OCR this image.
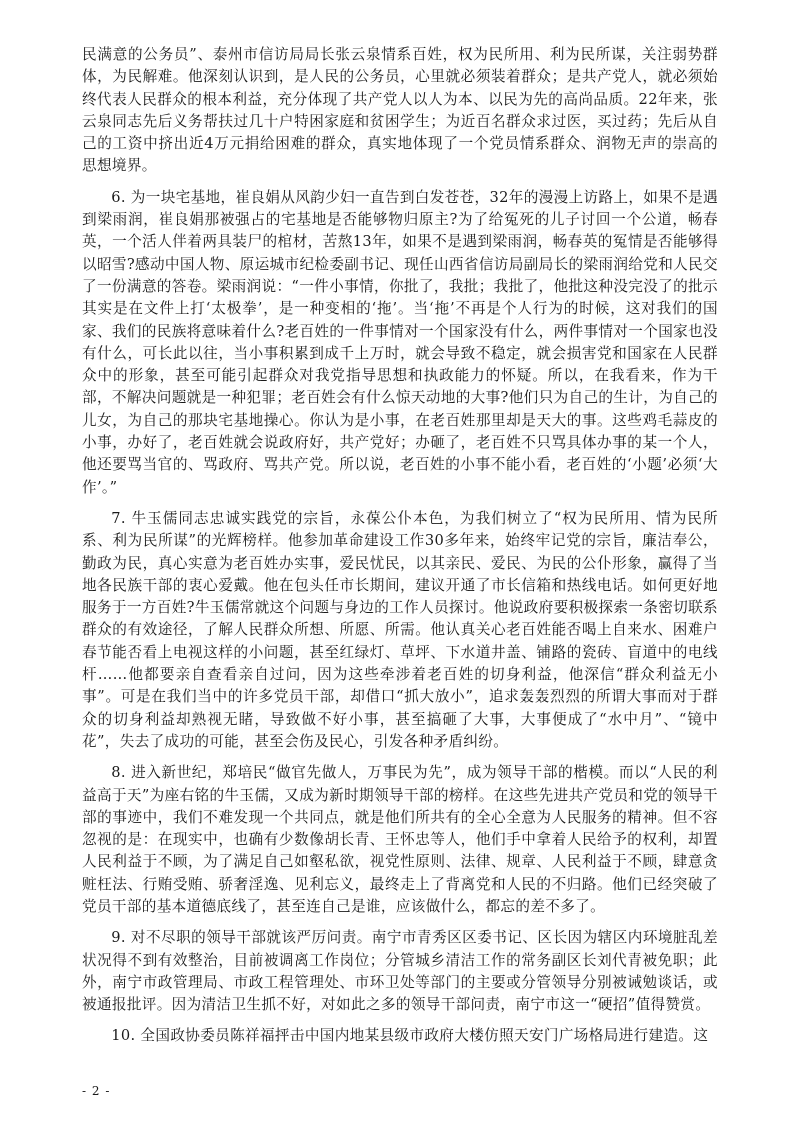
民满意的公务员”、泰州市信访局局长张云泉情系百姓，权为民所用、利为民所谋，关注弱势群体，为民解难。他深刻认识到，是人民的公务员，心里就必须装着群众；是共产党人，就必须始终代表人民群众的根本利益，充分体现了共产党人以人为本、以民为先的高尚品质。22年来，张云泉同志先后义务帮扶过几十户特困家庭和贫困学生；为近百名群众求过医，买过药；先后从自己的工资中挤出近4万元捐给困难的群众，真实地体现了一个党员情系群众、润物无声的崇高的思想境界。

6. 为一块宅基地，崔良娟从风韵少妇一直告到白发苍苍，32年的漫漫上访路上，如果不是遇到梁雨润，崔良娟那被强占的宅基地是否能够物归原主?为了给冤死的儿子讨回一个公道，畅春英，一个活人伴着两具装尸的棺材，苦熬13年，如果不是遇到梁雨润，畅春英的冤情是否能够得以昭雪?感动中国人物、原运城市纪检委副书记、现任山西省信访局副局长的梁雨润给党和人民交了一份满意的答卷。梁雨润说：“一件小事情，你批了，我批；我批了，他批这种没完没了的批示其实是在文件上打‘太极拳’，是一种变相的‘拖’。当‘拖’不再是个人行为的时候，这对我们的国家、我们的民族将意味着什么?老百姓的一件事情对一个国家没有什么，两件事情对一个国家也没有什么，可长此以往，当小事积累到成千上万时，就会导致不稳定，就会损害党和国家在人民群众中的形象，甚至可能引起群众对我党指导思想和执政能力的怀疑。所以，在我看来，作为干部，不解决问题就是一种犯罪；老百姓会有什么惊天动地的大事?他们只为自己的生计，为自己的儿女，为自己的那块宅基地操心。你认为是小事，在老百姓那里却是天大的事。这些鸡毛蒜皮的小事，办好了，老百姓就会说政府好，共产党好；办砸了，老百姓不只骂具体办事的某一个人，他还要骂当官的、骂政府、骂共产党。所以说，老百姓的小事不能小看，老百姓的‘小题’必须‘大作’。”

7. 牛玉儒同志忠诚实践党的宗旨，永葆公仆本色，为我们树立了“权为民所用、情为民所系、利为民所谋”的光辉榜样。他参加革命建设工作30多年来，始终牢记党的宗旨，廉洁奉公，勤政为民，真心实意为老百姓办实事，爱民忧民，以其亲民、爱民、为民的公仆形象，赢得了当地各民族干部的衷心爱戴。他在包头任市长期间，建议开通了市长信箱和热线电话。如何更好地服务于一方百姓?牛玉儒常就这个问题与身边的工作人员探讨。他说政府要积极探索一条密切联系群众的有效途径，了解人民群众所想、所愿、所需。他认真关心老百姓能否喝上自来水、困难户春节能否看上电视这样的小问题，甚至红绿灯、草坪、下水道井盖、铺路的瓷砖、盲道中的电线杆……他都要亲自查看亲自过问，因为这些牵涉着老百姓的切身利益，他深信“群众利益无小事”。可是在我们当中的许多党员干部，却借口“抓大放小”，追求轰轰烈烈的所谓大事而对于群众的切身利益却熟视无睹，导致做不好小事，甚至搞砸了大事，大事便成了“水中月”、“镜中花”，失去了成功的可能，甚至会伤及民心，引发各种矛盾纠纷。

8. 进入新世纪，郑培民“做官先做人，万事民为先”，成为领导干部的楷模。而以“人民的利益高于天”为座右铭的牛玉儒，又成为新时期领导干部的榜样。在这些先进共产党员和党的领导干部的事迹中，我们不难发现一个共同点，就是他们所共有的全心全意为人民服务的精神。但不容忽视的是：在现实中，也确有少数像胡长青、王怀忠等人，他们手中拿着人民给予的权利，却置人民利益于不顾，为了满足自己如壑私欲，视党性原则、法律、规章、人民利益于不顾，肆意贪赃枉法、行贿受贿、骄奢淫逸、见利忘义，最终走上了背离党和人民的不归路。他们已经突破了党员干部的基本道德底线了，甚至连自己是谁，应该做什么，都忘的差不多了。

9. 对不尽职的领导干部就该严厉问责。南宁市青秀区区委书记、区长因为辖区内环境脏乱差状况得不到有效整治，目前被调离工作岗位；分管城乡清洁工作的常务副区长刘代青被免职；此外，南宁市政管理局、市政工程管理处、市环卫处等部门的主要或分管领导分别被诫勉谈话，或被通报批评。因为清洁卫生抓不好，对如此之多的领导干部问责，南宁市这一“硬招”值得赞赏。

10. 全国政协委员陈祥福抨击中国内地某县级市政府大楼仿照天安门广场格局进行建造。这

- 2 -
